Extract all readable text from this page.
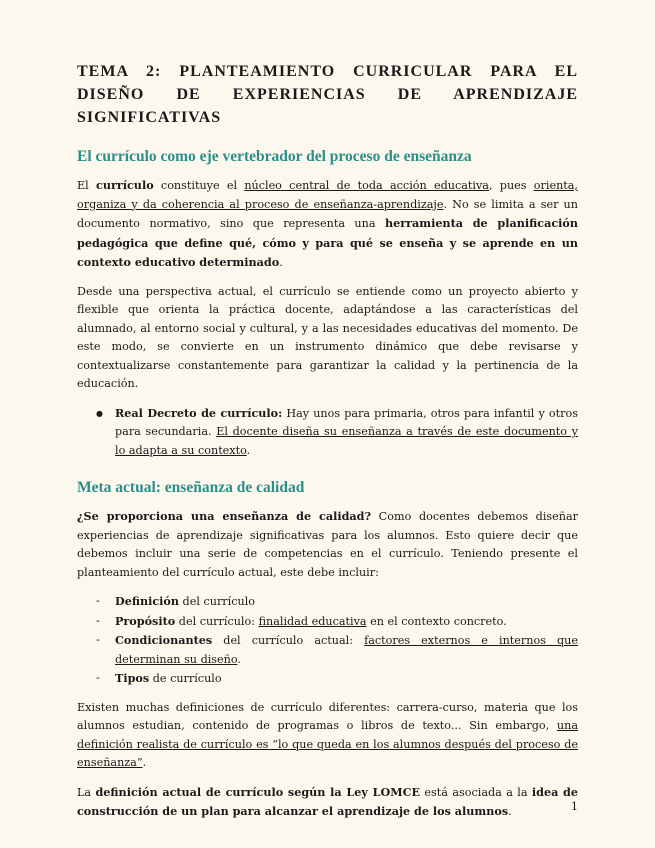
TEMA 2: PLANTEAMIENTO CURRICULAR PARA EL DISEÑO DE EXPERIENCIAS DE APRENDIZAJE SIGNIFICATIVAS
El currículo como eje vertebrador del proceso de enseñanza

El currículo constituye el núcleo central de toda acción educativa, pues orienta, organiza y da coherencia al proceso de enseñanza-aprendizaje. No se limita a ser un documento normativo, sino que representa una herramienta de planificación pedagógica que define qué, cómo y para qué se enseña y se aprende en un contexto educativo determinado.

Desde una perspectiva actual, el currículo se entiende como un proyecto abierto y flexible que orienta la práctica docente, adaptándose a las características del alumnado, al entorno social y cultural, y a las necesidades educativas del momento. De este modo, se convierte en un instrumento dinámico que debe revisarse y contextualizarse constantemente para garantizar la calidad y la pertinencia de la educación.

● Real Decreto de currículo: Hay unos para primaria, otros para infantil y otros para secundaria. El docente diseña su enseñanza a través de este documento y lo adapta a su contexto.
Meta actual: enseñanza de calidad

¿Se proporciona una enseñanza de calidad? Como docentes debemos diseñar experiencias de aprendizaje significativas para los alumnos. Esto quiere decir que debemos incluir una serie de competencias en el currículo. Teniendo presente el planteamiento del currículo actual, este debe incluir:

- Definición del currículo
- Propósito del currículo: finalidad educativa en el contexto concreto.
- Condicionantes del currículo actual: factores externos e internos que determinan su diseño.
- Tipos de currículo

Existen muchas definiciones de currículo diferentes: carrera-curso, materia que los alumnos estudian, contenido de programas o libros de texto... Sin embargo, una definición realista de currículo es “lo que queda en los alumnos después del proceso de enseñanza”.

La definición actual de currículo según la Ley LOMCE está asociada a la idea de construcción de un plan para alcanzar el aprendizaje de los alumnos.	1
